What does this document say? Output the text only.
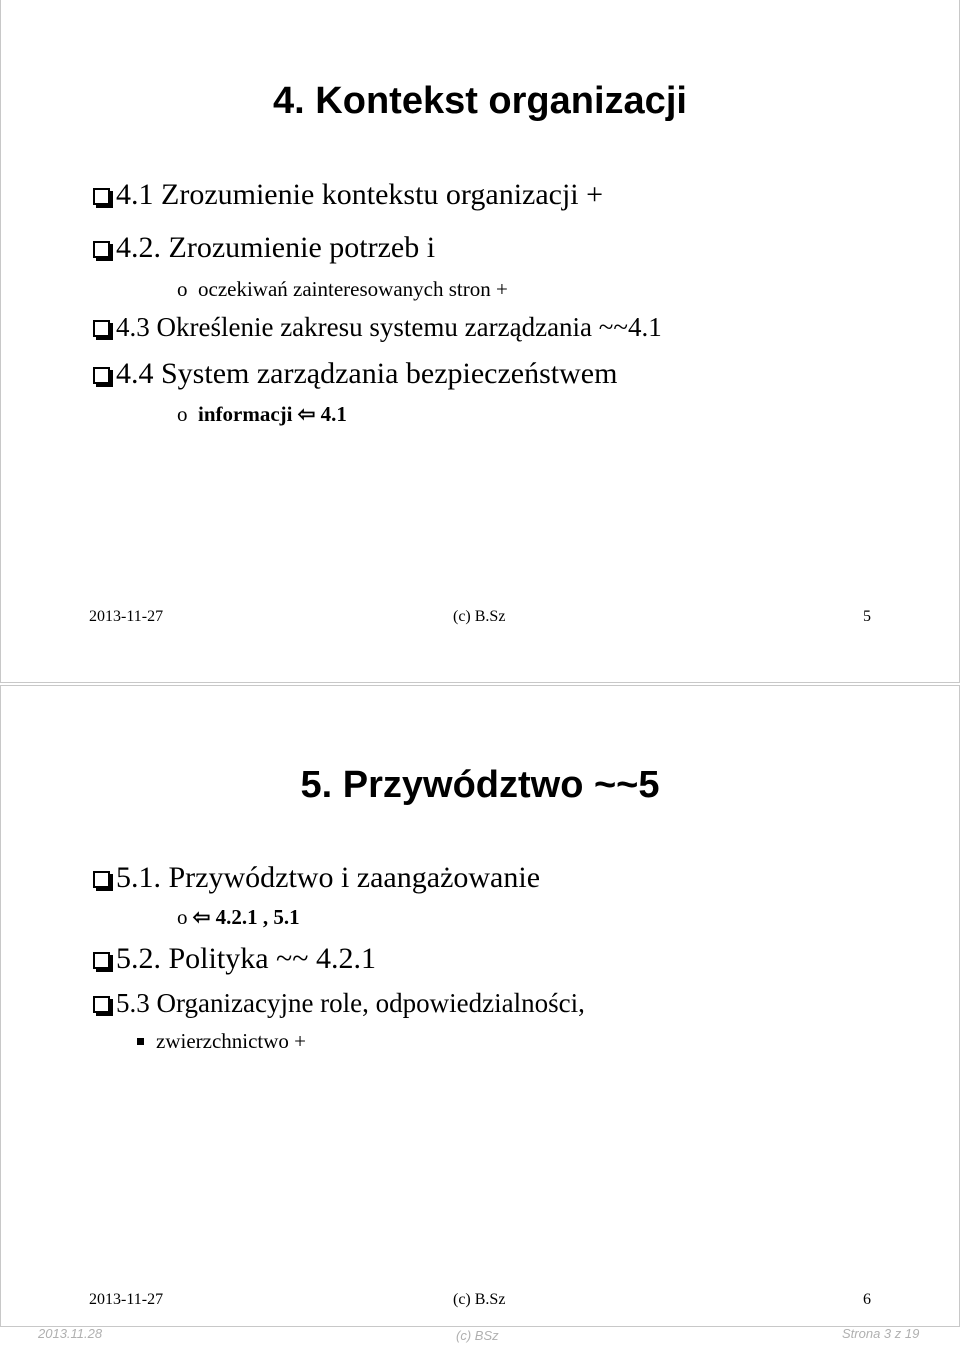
4. Kontekst organizacji
4.1 Zrozumienie kontekstu organizacji +
4.2. Zrozumienie potrzeb i
o oczekiwań zainteresowanych stron +
4.3 Określenie zakresu systemu zarządzania ~~4.1
4.4 System zarządzania bezpieczeństwem
o informacji ⇦ 4.1
2013-11-27	(c) B.Sz	5
5. Przywództwo ~~5
5.1. Przywództwo i zaangażowanie
o ⇦ 4.2.1 , 5.1
5.2. Polityka ~~ 4.2.1
5.3 Organizacyjne role, odpowiedzialności,
zwierzchnictwo +
2013-11-27	(c) B.Sz	6
2013.11.28	(c) BSz	Strona 3 z 19
